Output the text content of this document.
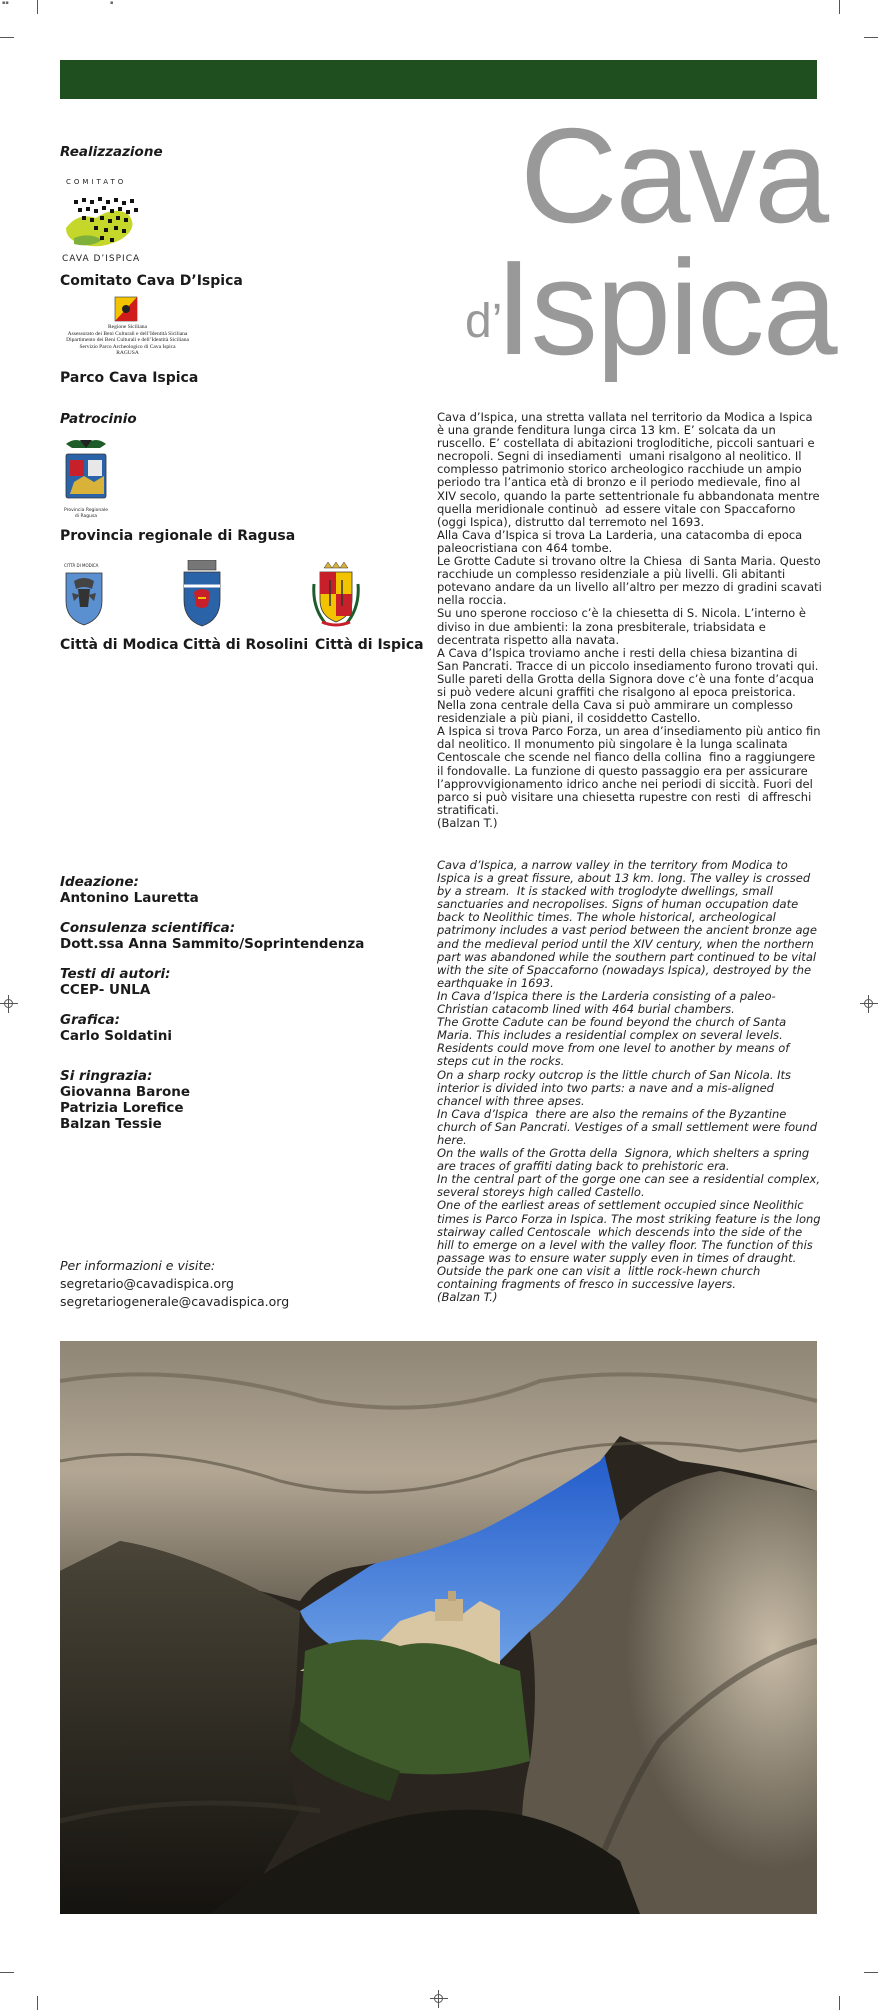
▪▪	▪
Cava
d’
Ispica
Realizzazione
COMITATO
CAVA D’ISPICA
Comitato Cava D’Ispica
Regione Siciliana
Assessorato dei Beni Culturali e dell’Identità Siciliana
Dipartimento dei Beni Culturali e dell’Identità Siciliana
Servizio Parco Archeologico di Cava Ispica
RAGUSA
Parco Cava Ispica
Patrocinio
Provincia Regionale
di Ragusa
Provincia regionale di Ragusa
CITTÀ DI MODICA
Città di Modica Città di Rosolini Città di Ispica
Cava d’Ispica, una stretta vallata nel territorio da Modica a Ispica è una grande fenditura lunga circa 13 km. E’ solcata da un ruscello. E’ costellata di abitazioni trogloditiche, piccoli santuari e necropoli. Segni di insediamenti  umani risalgono al neolitico. Il complesso patrimonio storico archeologico racchiude un ampio periodo tra l’antica età di bronzo e il periodo medievale, fino al XIV secolo, quando la parte settentrionale fu abbandonata mentre quella meridionale continuò  ad essere vitale con Spaccaforno (oggi Ispica), distrutto dal terremoto nel 1693.
Alla Cava d’Ispica si trova La Larderia, una catacomba di epoca paleocristiana con 464 tombe.
Le Grotte Cadute si trovano oltre la Chiesa  di Santa Maria. Questo racchiude un complesso residenziale a più livelli. Gli abitanti potevano andare da un livello all’altro per mezzo di gradini scavati nella roccia.
Su uno sperone roccioso c’è la chiesetta di S. Nicola. L’interno è diviso in due ambienti: la zona presbiterale, triabsidata e decentrata rispetto alla navata.
A Cava d’Ispica troviamo anche i resti della chiesa bizantina di San Pancrati. Tracce di un piccolo insediamento furono trovati qui.
Sulle pareti della Grotta della Signora dove c’è una fonte d’acqua si può vedere alcuni graffiti che risalgono al epoca preistorica.
Nella zona centrale della Cava si può ammirare un complesso residenziale a più piani, il cosiddetto Castello.
A Ispica si trova Parco Forza, un area d’insediamento più antico fin dal neolitico. Il monumento più singolare è la lunga scalinata Centoscale che scende nel fianco della collina  fino a raggiungere il fondovalle. La funzione di questo passaggio era per assicurare l’approvvigionamento idrico anche nei periodi di siccità. Fuori del parco si può visitare una chiesetta rupestre con resti  di affreschi stratificati.
(Balzan T.)
Cava d’Ispica, a narrow valley in the territory from Modica to Ispica is a great fissure, about 13 km. long. The valley is crossed by a stream.  It is stacked with troglodyte dwellings, small sanctuaries and necropolises. Signs of human occupation date back to Neolithic times. The whole historical, archeological patrimony includes a vast period between the ancient bronze age and the medieval period until the XIV century, when the northern part was abandoned while the southern part continued to be vital with the site of Spaccaforno (nowadays Ispica), destroyed by the earthquake in 1693.
In Cava d’Ispica there is the Larderia consisting of a paleo-Christian catacomb lined with 464 burial chambers.
The Grotte Cadute can be found beyond the church of Santa Maria. This includes a residential complex on several levels. Residents could move from one level to another by means of steps cut in the rocks.
On a sharp rocky outcrop is the little church of San Nicola. Its interior is divided into two parts: a nave and a mis-aligned chancel with three apses.
In Cava d’Ispica  there are also the remains of the Byzantine church of San Pancrati. Vestiges of a small settlement were found here.
On the walls of the Grotta della  Signora, which shelters a spring are traces of graffiti dating back to prehistoric era.
In the central part of the gorge one can see a residential complex, several storeys high called Castello.
One of the earliest areas of settlement occupied since Neolithic times is Parco Forza in Ispica. The most striking feature is the long stairway called Centoscale  which descends into the side of the hill to emerge on a level with the valley floor. The function of this passage was to ensure water supply even in times of draught. Outside the park one can visit a  little rock-hewn church containing fragments of fresco in successive layers.
(Balzan T.)
Ideazione:
Antonino Lauretta
Consulenza scientifica:
Dott.ssa Anna Sammito/Soprintendenza
Testi di autori:
CCEP- UNLA
Grafica:
Carlo Soldatini
Si ringrazia:
Giovanna Barone
Patrizia Lorefice
Balzan Tessie
Per informazioni e visite:
segretario@cavadispica.org
segretariogenerale@cavadispica.org
